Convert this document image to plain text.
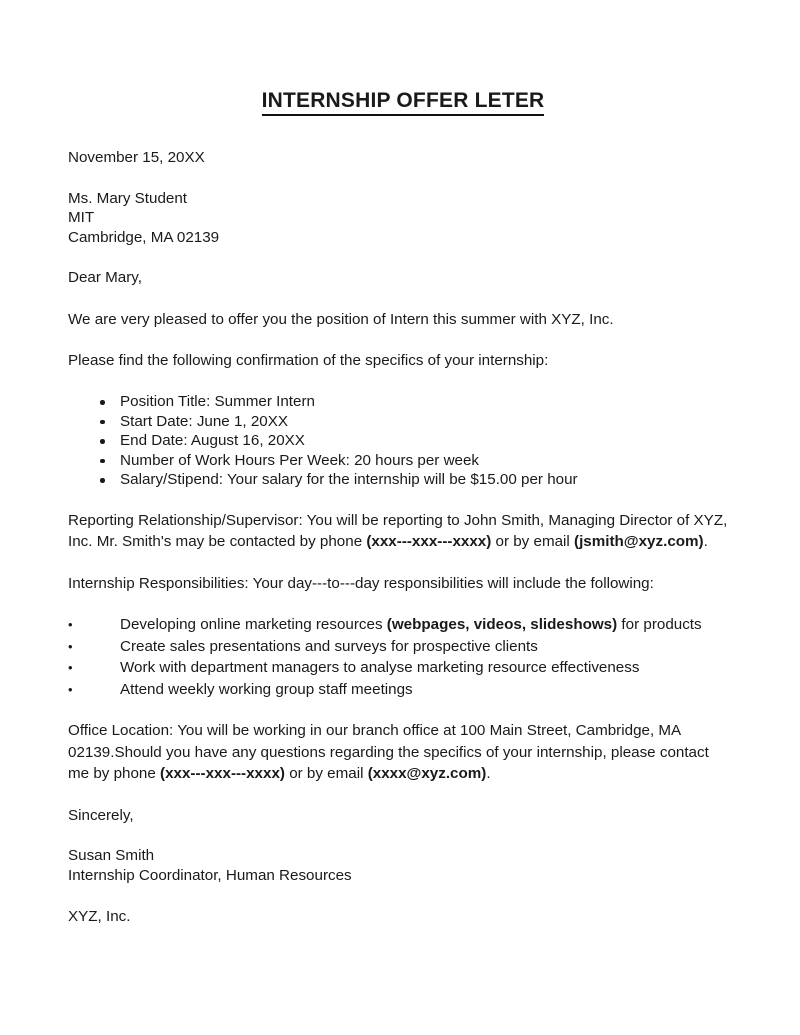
INTERNSHIP OFFER LETER

November 15, 20XX

Ms. Mary Student
MIT
Cambridge, MA 02139

Dear Mary,

We are very pleased to offer you the position of Intern this summer with XYZ, Inc.

Please find the following confirmation of the specifics of your internship:

Position Title: Summer Intern
Start Date: June 1, 20XX
End Date: August 16, 20XX
Number of Work Hours Per Week: 20 hours per week
Salary/Stipend: Your salary for the internship will be $15.00 per hour

Reporting Relationship/Supervisor: You will be reporting to John Smith, Managing Director of XYZ, Inc. Mr. Smith's may be contacted by phone (xxx---xxx---xxxx) or by email (jsmith@xyz.com).

Internship Responsibilities: Your day---to---day responsibilities will include the following:

•	Developing online marketing resources (webpages, videos, slideshows) for products
•	Create sales presentations and surveys for prospective clients
•	Work with department managers to analyse marketing resource effectiveness
•	Attend weekly working group staff meetings

Office Location: You will be working in our branch office at 100 Main Street, Cambridge, MA 02139.Should you have any questions regarding the specifics of your internship, please contact me by phone (xxx---xxx---xxxx) or by email (xxxx@xyz.com).

Sincerely,

Susan Smith
Internship Coordinator, Human Resources

XYZ, Inc.
